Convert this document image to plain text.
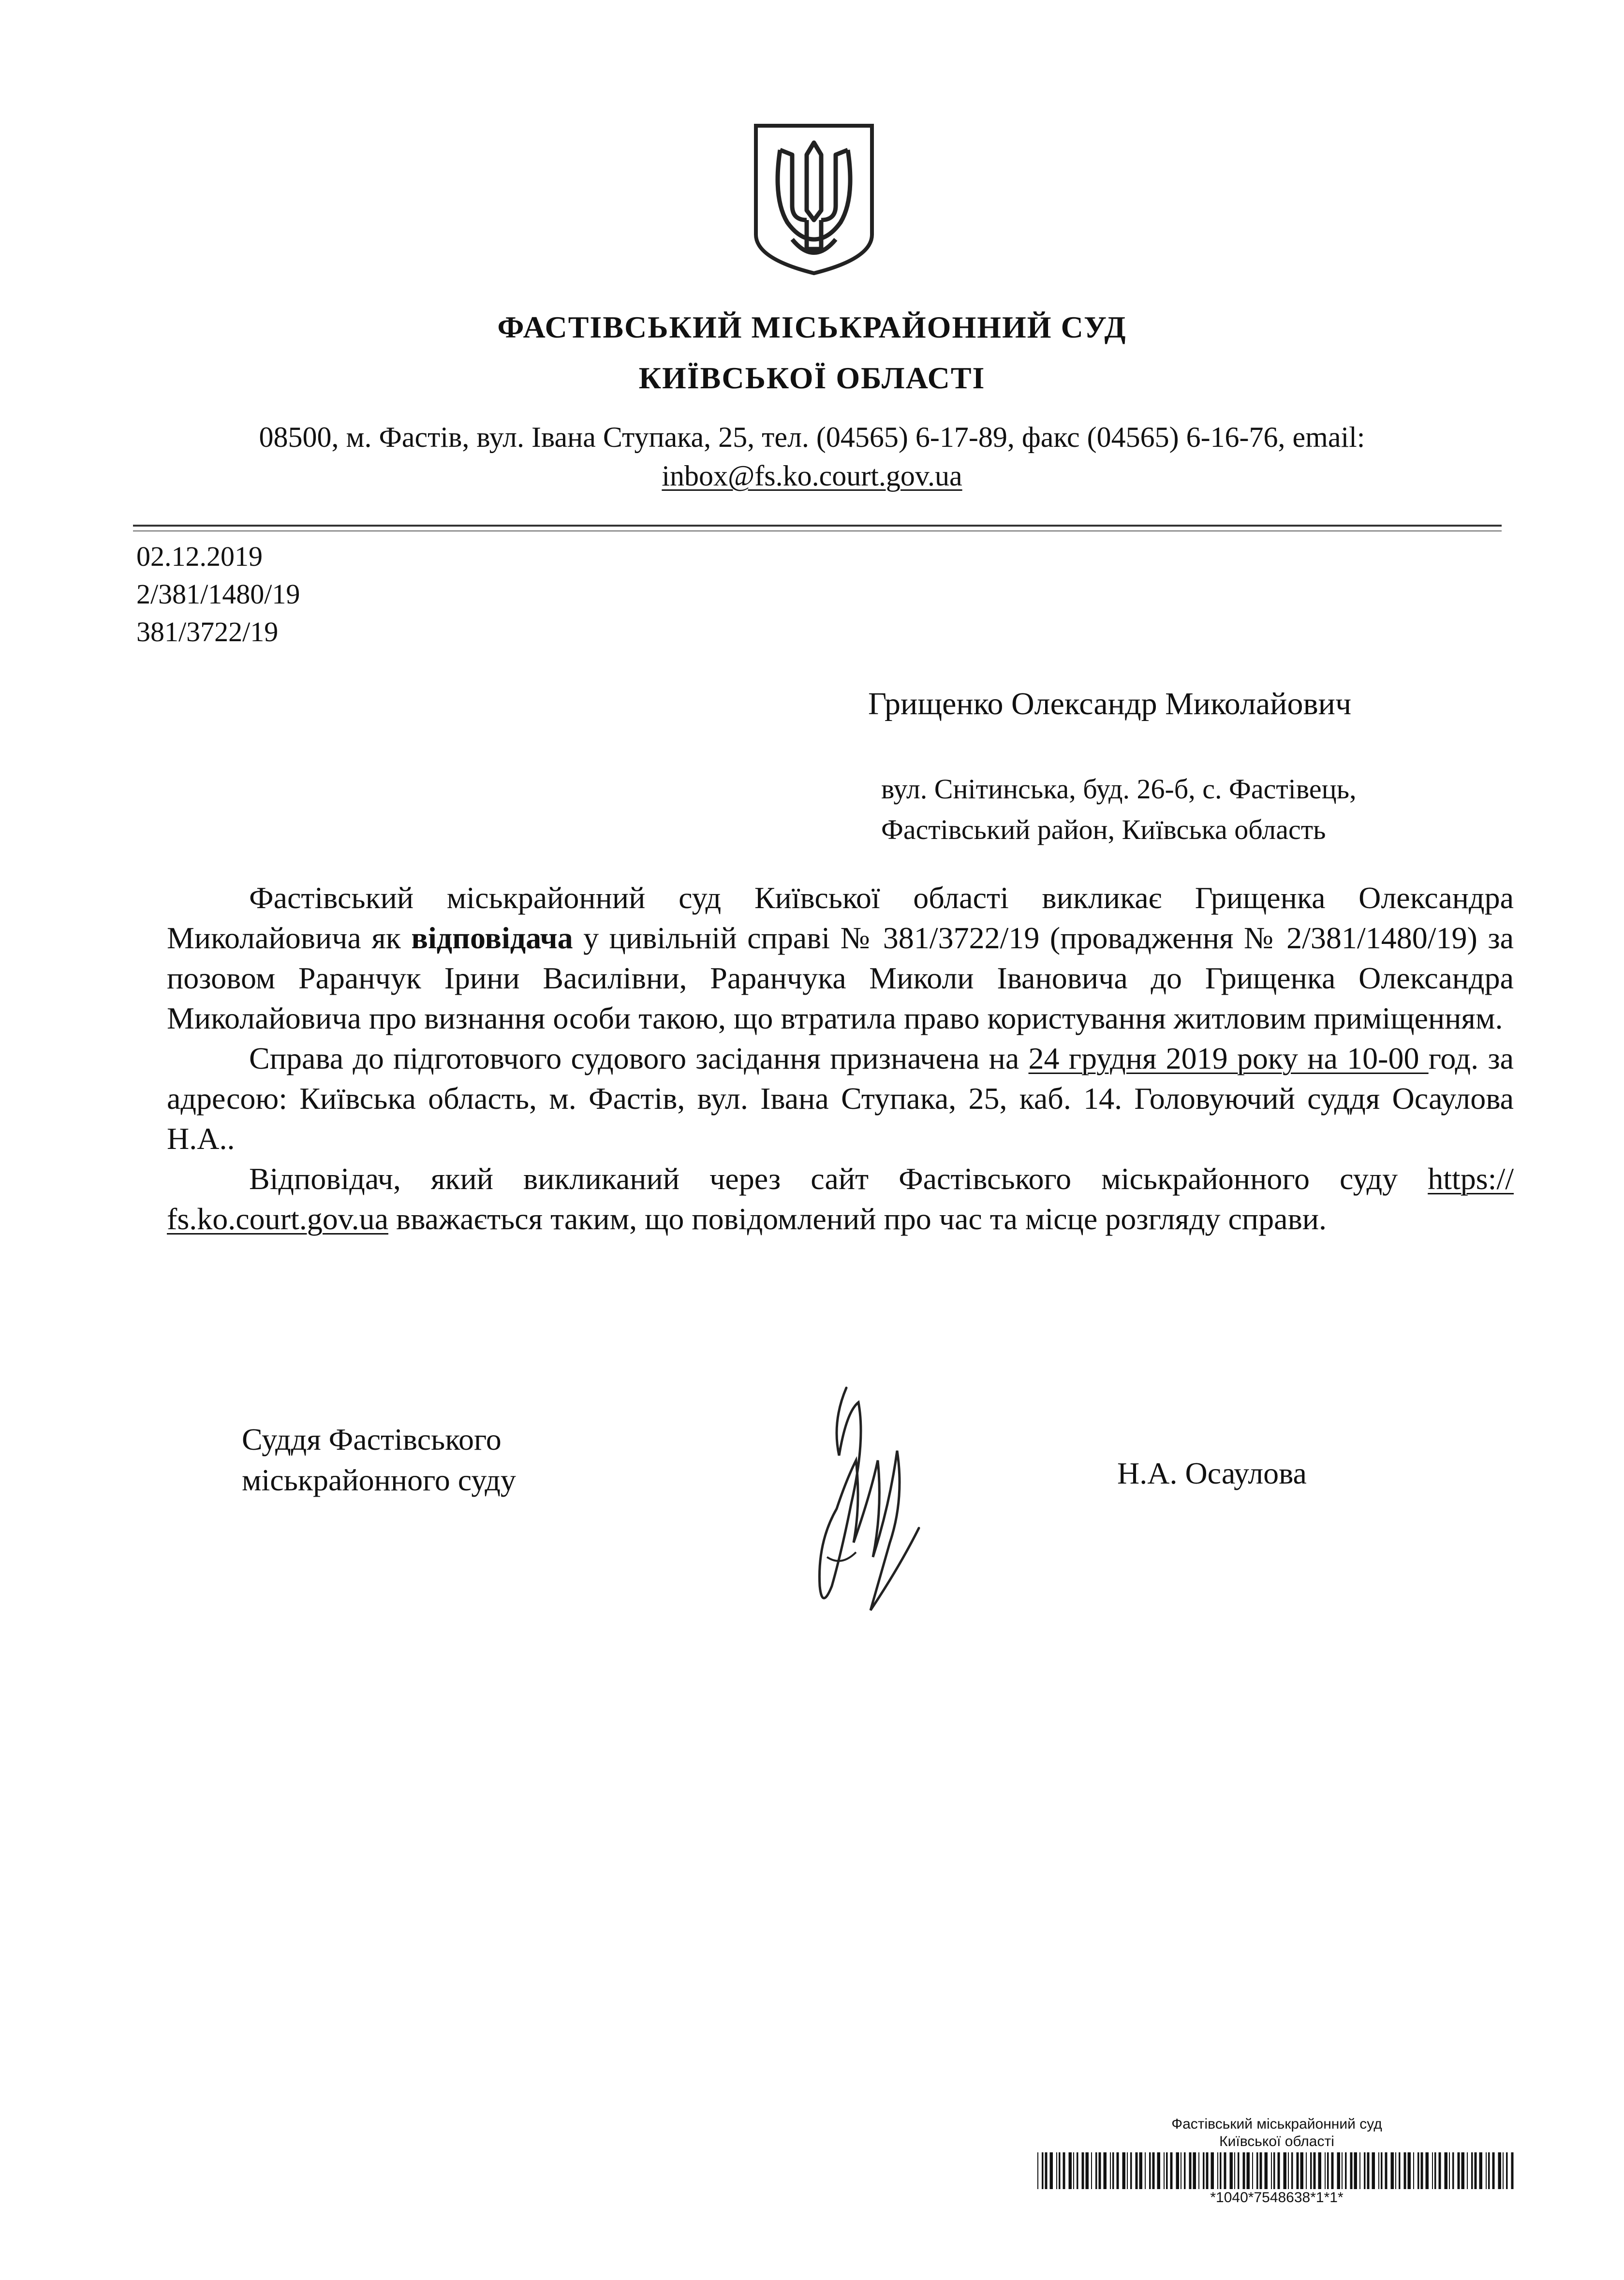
ФАСТІВСЬКИЙ МІСЬКРАЙОННИЙ СУД
КИЇВСЬКОЇ ОБЛАСТІ
08500, м. Фастів, вул. Івана Ступака, 25, тел. (04565) 6-17-89, факс (04565) 6-16-76, email:
inbox@fs.ko.court.gov.ua
02.12.2019
2/381/1480/19
381/3722/19
Грищенко Олександр Миколайович
вул. Снітинська, буд. 26-б, с. Фастівець,
Фастівський район, Київська область

Фастівський міськрайонний суд Київської області викликає Грищенка Олександра Миколайовича як відповідача у цивільній справі № 381/3722/19 (провадження № 2/381/1480/19) за позовом Раранчук Ірини Василівни, Раранчука Миколи Івановича до Грищенка Олександра Миколайовича про визнання особи такою, що втратила право користування житловим приміщенням.

Справа до підготовчого судового засідання призначена на 24 грудня 2019 року на 10-00 год. за адресою: Київська область, м. Фастів, вул. Івана Ступака, 25, каб. 14. Головуючий суддя Осаулова Н.А..

Відповідач, який викликаний через сайт Фастівського міськрайонного суду https:// fs.ko.court.gov.ua вважається таким, що повідомлений про час та місце розгляду справи.

Суддя Фастівського
міськрайонного суду	Н.А. Осаулова
Фастівський міськрайонний суд
Київської області
*1040*7548638*1*1*
